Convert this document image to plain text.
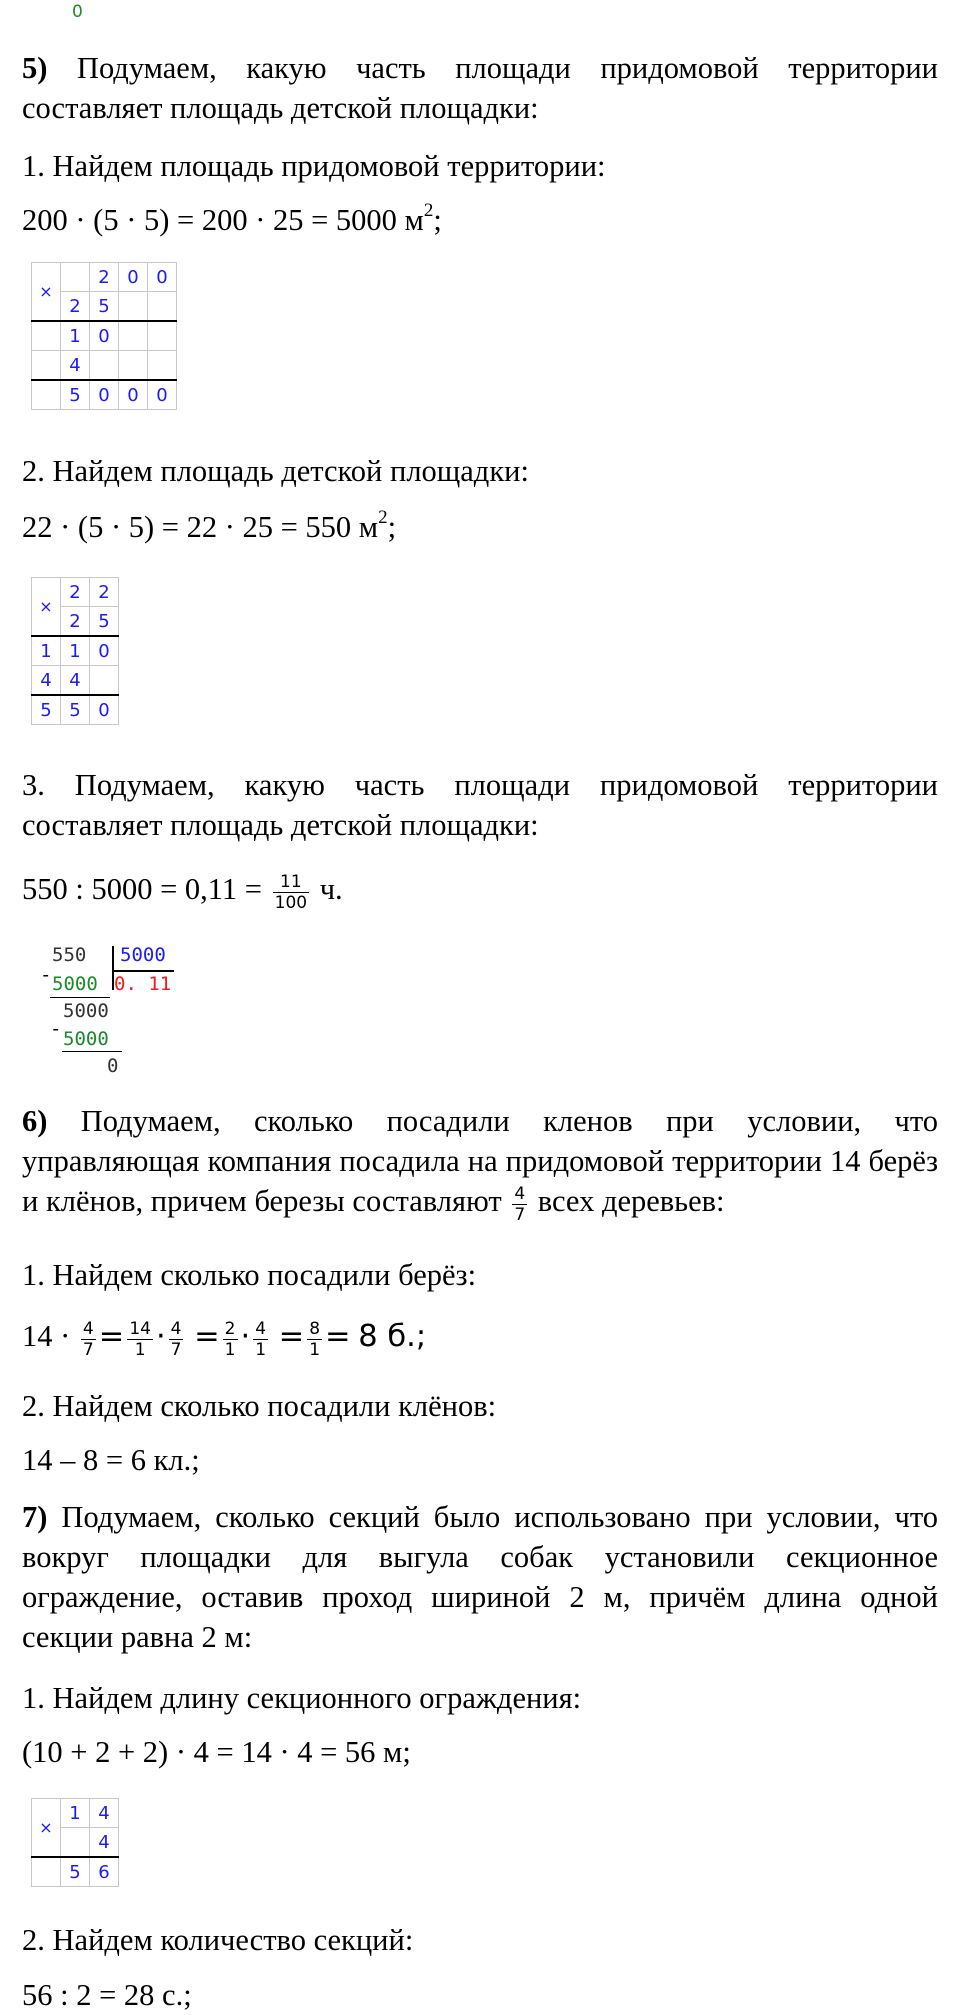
0

5) Подумаем, какую часть площади придомовой территории составляет площадь детской площадки:

1. Найдем площадь придомовой территории:

200 · (5 · 5) = 200 · 25 = 5000 $м^2$;

×		2	0	0
	2	5		
	1	0		
	4			
	5	0	0	0

2. Найдем площадь детской площадки:

22 · (5 · 5) = 22 · 25 = 550 $м^2$;

×	2	2
	2	5
1	1	0
4	4	
5	5	0

3. Подумаем, какую часть площади придомовой территории составляет площадь детской площадки:

550 : $5000 = 0,11 = \frac{11}{100} ч$.

550 5000
- 5000 0. 11
5000
- 5000
0

6) Подумаем, сколько посадили кленов при условии, что управляющая компания посадила на придомовой территории 14 берёз и клёнов, причем березы составляют $\frac{4}{7}$ всех деревьев:

1. Найдем сколько посадили берёз:

$14 \cdot \frac{4}{7} = \frac{14}{1} \cdot \frac{4}{7} = \frac{2}{1} \cdot \frac{4}{1} = \frac{8}{1} = 8$ б.;

2. Найдем сколько посадили клёнов:

14 – 8 = 6 кл.;

7) Подумаем, сколько секций было использовано при условии, что вокруг площадки для выгула собак установили секционное ограждение, оставив проход шириной 2 м, причём длина одной секции равна 2 м:

1. Найдем длину секционного ограждения:

(10 + 2 + 2) · 4 = 14 · 4 = 56 м;

×	1	4
		4
	5	6

2. Найдем количество секций:

56 : 2 = 28 с.;
